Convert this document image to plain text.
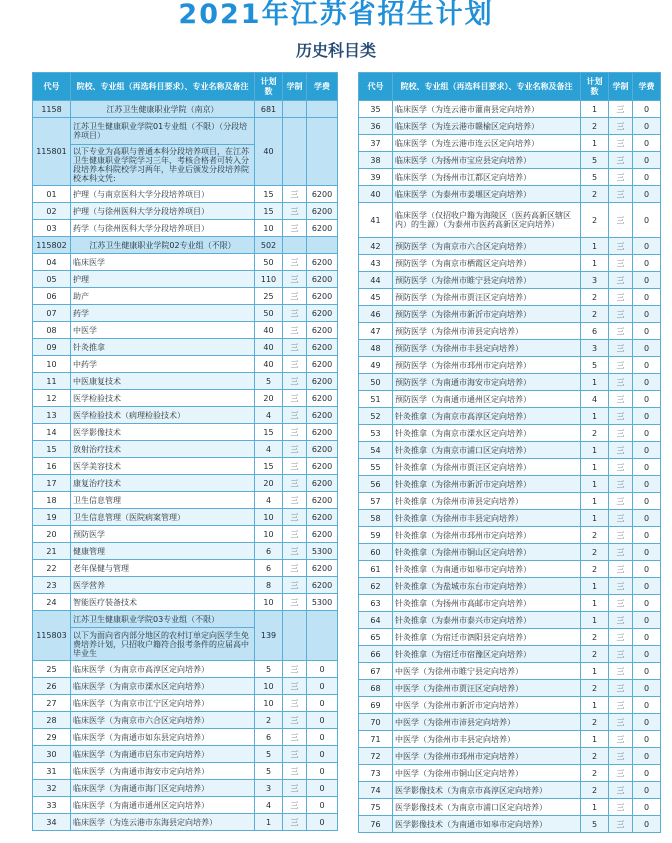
2021年江苏省招生计划
历史科目类
代号	院校、专业组（再选科目要求）、专业名称及备注	计划数	学制	学费
1158	江苏卫生健康职业学院（南京）	681		
115801	江苏卫生健康职业学院01专业组（不限）（分段培养项目）	40		
	以下专业为高职与普通本科分段培养项目，在江苏卫生健康职业学院学习三年，考核合格者可转入分段培养本科院校学习两年，毕业后颁发分段培养院校本科文凭:			
01	护理（与南京医科大学分段培养项目）	15	三	6200
02	护理（与徐州医科大学分段培养项目）	15	三	6200
03	药学（与徐州医科大学分段培养项目）	10	三	6200
115802	江苏卫生健康职业学院02专业组（不限）	502		
04	临床医学	50	三	6200
05	护理	110	三	6200
06	助产	25	三	6200
07	药学	50	三	6200
08	中医学	40	三	6200
09	针灸推拿	40	三	6200
10	中药学	40	三	6200
11	中医康复技术	5	三	6200
12	医学检验技术	20	三	6200
13	医学检验技术（病理检验技术）	4	三	6200
14	医学影像技术	15	三	6200
15	放射治疗技术	4	三	6200
16	医学美容技术	15	三	6200
17	康复治疗技术	20	三	6200
18	卫生信息管理	4	三	6200
19	卫生信息管理（医院病案管理）	10	三	6200
20	预防医学	10	三	6200
21	健康管理	6	三	5300
22	老年保健与管理	6	三	6200
23	医学营养	8	三	6200
24	智能医疗装备技术	10	三	5300
115803	江苏卫生健康职业学院03专业组（不限）	139		
	以下为面向省内部分地区的农村订单定向医学生免费培养计划，只招收户籍符合报考条件的应届高中毕业生			
25	临床医学（为南京市高淳区定向培养）	5	三	0
26	临床医学（为南京市溧水区定向培养）	10	三	0
27	临床医学（为南京市江宁区定向培养）	10	三	0
28	临床医学（为南京市六合区定向培养）	2	三	0
29	临床医学（为南通市如东县定向培养）	6	三	0
30	临床医学（为南通市启东市定向培养）	5	三	0
31	临床医学（为南通市海安市定向培养）	5	三	0
32	临床医学（为南通市海门区定向培养）	3	三	0
33	临床医学（为南通市通州区定向培养）	4	三	0
34	临床医学（为连云港市东海县定向培养）	1	三	0
代号	院校、专业组（再选科目要求）、专业名称及备注	计划数	学制	学费
35	临床医学（为连云港市灌南县定向培养）	1	三	0
36	临床医学（为连云港市赣榆区定向培养）	2	三	0
37	临床医学（为连云港市连云区定向培养）	1	三	0
38	临床医学（为扬州市宝应县定向培养）	5	三	0
39	临床医学（为扬州市江都区定向培养）	5	三	0
40	临床医学（为泰州市姜堰区定向培养）	2	三	0
41	临床医学（仅招收户籍为海陵区（医药高新区辖区内）的生源）（为泰州市医药高新区定向培养）	2	三	0
42	预防医学（为南京市六合区定向培养）	1	三	0
43	预防医学（为南京市栖霞区定向培养）	1	三	0
44	预防医学（为徐州市睢宁县定向培养）	3	三	0
45	预防医学（为徐州市贾汪区定向培养）	2	三	0
46	预防医学（为徐州市新沂市定向培养）	2	三	0
47	预防医学（为徐州市沛县定向培养）	6	三	0
48	预防医学（为徐州市丰县定向培养）	3	三	0
49	预防医学（为徐州市邳州市定向培养）	5	三	0
50	预防医学（为南通市海安市定向培养）	1	三	0
51	预防医学（为南通市通州区定向培养）	4	三	0
52	针灸推拿（为南京市高淳区定向培养）	1	三	0
53	针灸推拿（为南京市溧水区定向培养）	2	三	0
54	针灸推拿（为南京市浦口区定向培养）	1	三	0
55	针灸推拿（为徐州市贾汪区定向培养）	1	三	0
56	针灸推拿（为徐州市新沂市定向培养）	1	三	0
57	针灸推拿（为徐州市沛县定向培养）	1	三	0
58	针灸推拿（为徐州市丰县定向培养）	1	三	0
59	针灸推拿（为徐州市邳州市定向培养）	2	三	0
60	针灸推拿（为徐州市铜山区定向培养）	2	三	0
61	针灸推拿（为南通市如皋市定向培养）	2	三	0
62	针灸推拿（为盐城市东台市定向培养）	1	三	0
63	针灸推拿（为扬州市高邮市定向培养）	1	三	0
64	针灸推拿（为泰州市泰兴市定向培养）	1	三	0
65	针灸推拿（为宿迁市泗阳县定向培养）	2	三	0
66	针灸推拿（为宿迁市宿豫区定向培养）	2	三	0
67	中医学（为徐州市睢宁县定向培养）	1	三	0
68	中医学（为徐州市贾汪区定向培养）	2	三	0
69	中医学（为徐州市新沂市定向培养）	1	三	0
70	中医学（为徐州市沛县定向培养）	2	三	0
71	中医学（为徐州市丰县定向培养）	1	三	0
72	中医学（为徐州市邳州市定向培养）	2	三	0
73	中医学（为徐州市铜山区定向培养）	2	三	0
74	医学影像技术（为南京市高淳区定向培养）	2	三	0
75	医学影像技术（为南京市浦口区定向培养）	1	三	0
76	医学影像技术（为南通市如皋市定向培养）	5	三	0
